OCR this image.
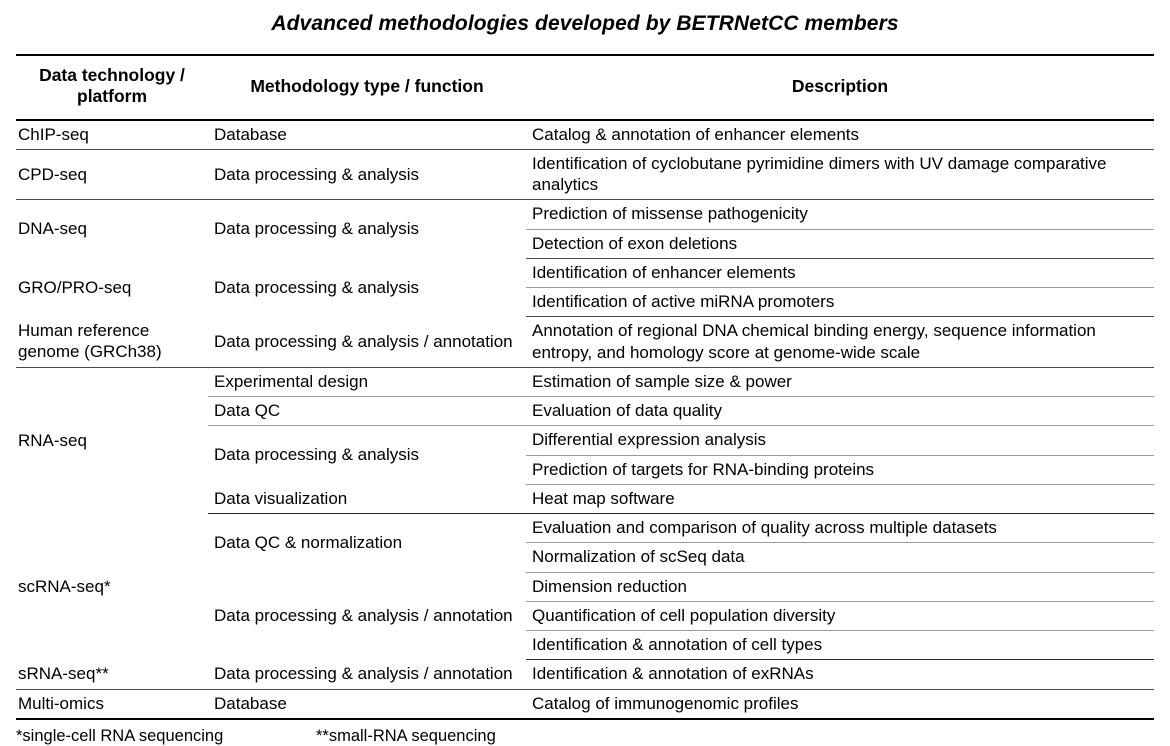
Advanced methodologies developed by BETRNetCC members
Data technology / platform	Methodology type / function	Description
ChIP-seq	Database	Catalog & annotation of enhancer elements
CPD-seq	Data processing & analysis	Identification of cyclobutane pyrimidine dimers with UV damage comparative analytics
DNA-seq	Data processing & analysis	Prediction of missense pathogenicity
		Detection of exon deletions
GRO/PRO-seq	Data processing & analysis	Identification of enhancer elements
		Identification of active miRNA promoters
Human reference genome (GRCh38)	Data processing & analysis / annotation	Annotation of regional DNA chemical binding energy, sequence information entropy, and homology score at genome-wide scale
RNA-seq	Experimental design	Estimation of sample size & power
	Data QC	Evaluation of data quality
	Data processing & analysis	Differential expression analysis
		Prediction of targets for RNA-binding proteins
	Data visualization	Heat map software
scRNA-seq*	Data QC & normalization	Evaluation and comparison of quality across multiple datasets
		Normalization of scSeq data
	Data processing & analysis / annotation	Dimension reduction
		Quantification of cell population diversity
		Identification & annotation of cell types
sRNA-seq**	Data processing & analysis / annotation	Identification & annotation of exRNAs
Multi-omics	Database	Catalog of immunogenomic profiles
*single-cell RNA sequencing	**small-RNA sequencing
